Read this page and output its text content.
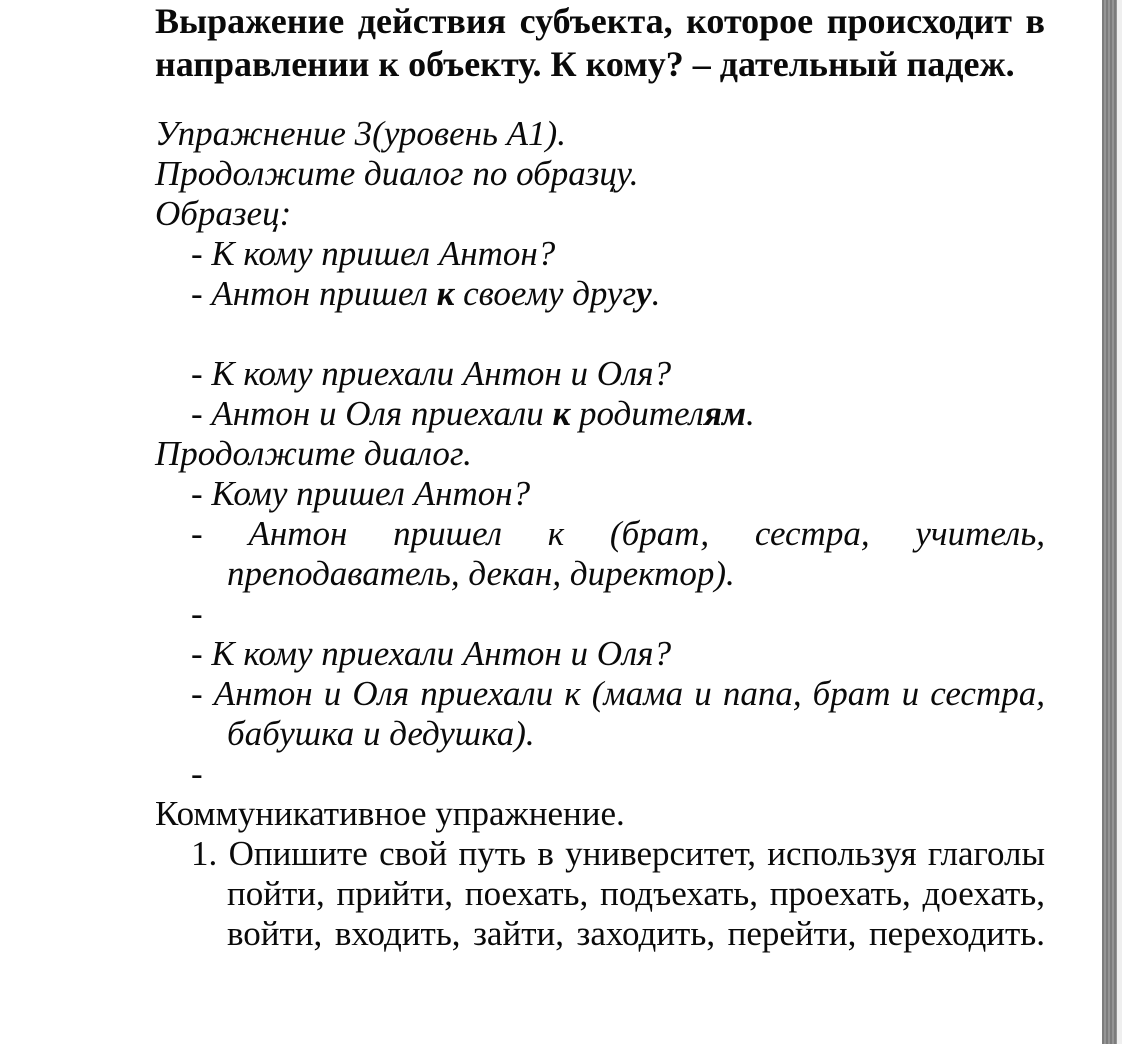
Выражение действия субъекта, которое происходит в
направлении к объекту. К кому? – дательный падеж.
Упражнение 3(уровень А1).
Продолжите диалог по образцу.
Образец:
- К кому пришел Антон?
- Антон пришел к своему другу.
- К кому приехали Антон и Оля?
- Антон и Оля приехали к родителям.
Продолжите диалог.
- Кому пришел Антон?
- Антон пришел к (брат, сестра, учитель,
преподаватель, декан, директор).
-
- К кому приехали Антон и Оля?
- Антон и Оля приехали к (мама и папа, брат и сестра,
бабушка и дедушка).
-
Коммуникативное упражнение.
1. Опишите свой путь в университет, используя глаголы
пойти, прийти, поехать, подъехать, проехать, доехать,
войти, входить, зайти, заходить, перейти, переходить.
